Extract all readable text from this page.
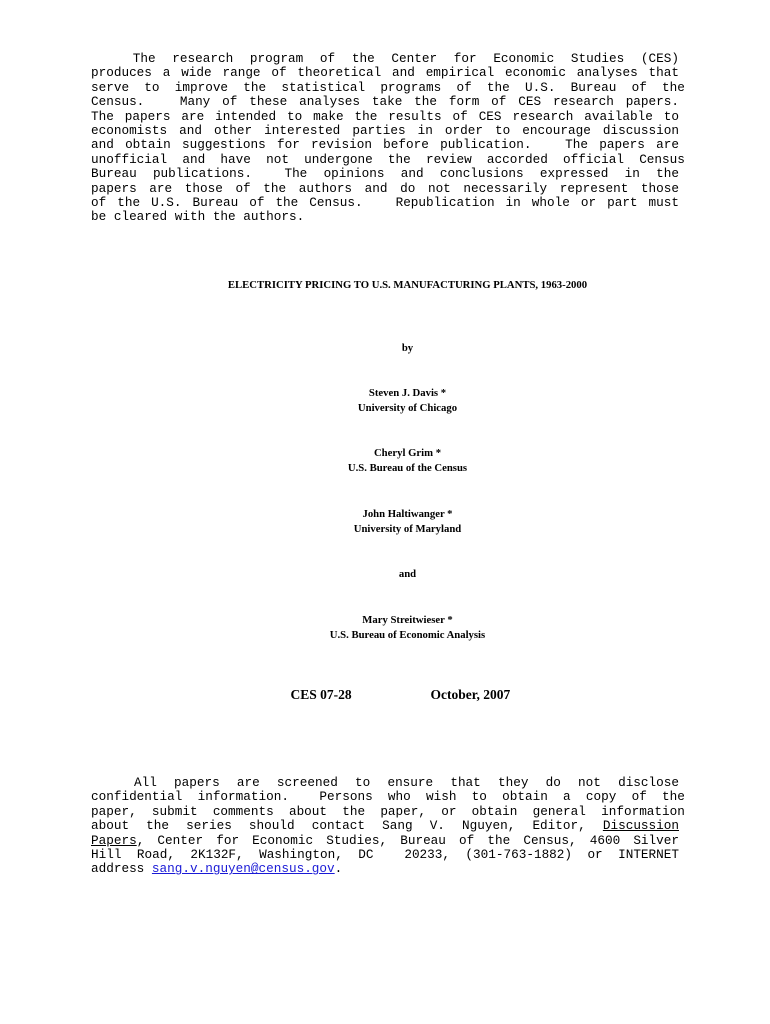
The  research  program  of  the  Center  for  Economic  Studies  (CES)
produces a wide range of theoretical and empirical economic analyses that
serve  to  improve  the  statistical  programs  of  the  U.S.  Bureau  of  the
Census.   Many of these analyses take the form of CES research papers.
The papers are intended to make the results of CES research available to
economists and other interested parties in order to encourage discussion
and obtain suggestions for revision before publication.   The papers are
unofficial  and  have  not  undergone  the  review  accorded  official  Census
Bureau  publications.    The  opinions  and  conclusions  expressed  in  the
papers are those of the authors and do not necessarily represent those
of the U.S. Bureau of the Census.   Republication in whole or part must
be cleared with the authors.
ELECTRICITY PRICING TO U.S. MANUFACTURING PLANTS, 1963-2000
by
Steven J. Davis *
University of Chicago
Cheryl Grim *
U.S. Bureau of the Census
John Haltiwanger *
University of Maryland
and
Mary Streitwieser *
U.S. Bureau of Economic Analysis
CES 07-28	October, 2007
All  papers  are  screened  to  ensure  that  they  do  not  disclose
confidential  information.    Persons  who  wish  to  obtain  a  copy  of  the
paper,  submit  comments  about  the  paper,  or  obtain  general  information
about  the  series  should  contact  Sang  V.  Nguyen,  Editor,  Discussion
Papers, Center for Economic Studies, Bureau of the Census, 4600 Silver
Hill Road, 2K132F, Washington, DC  20233, (301-763-1882) or INTERNET
address sang.v.nguyen@census.gov.
